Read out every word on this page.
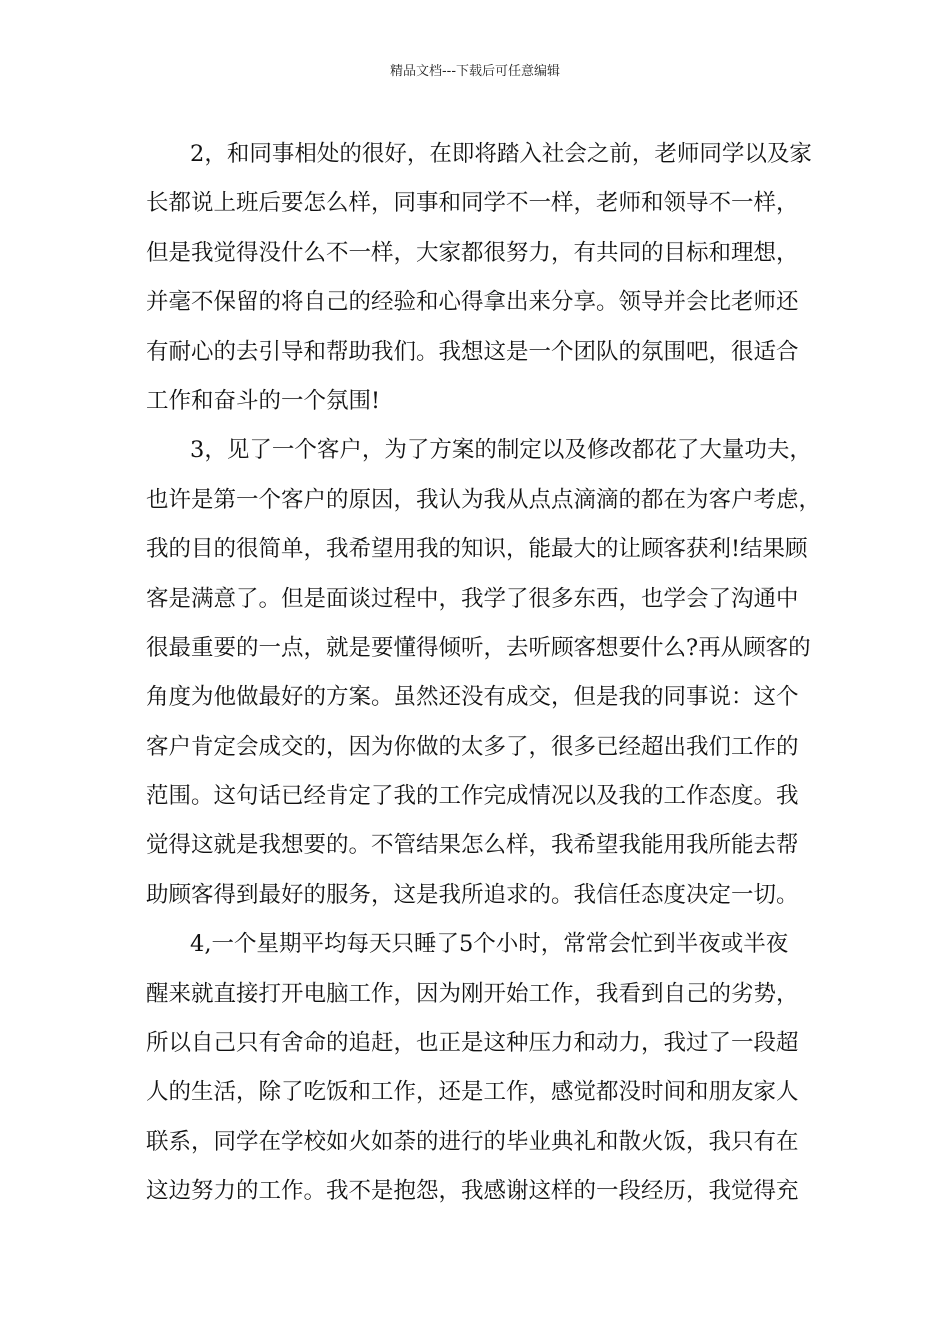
精品文档---下载后可任意编辑
2，和同事相处的很好，在即将踏入社会之前，老师同学以及家
长都说上班后要怎么样，同事和同学不一样，老师和领导不一样，
但是我觉得没什么不一样，大家都很努力，有共同的目标和理想，
并毫不保留的将自己的经验和心得拿出来分享。领导并会比老师还
有耐心的去引导和帮助我们。我想这是一个团队的氛围吧，很适合
工作和奋斗的一个氛围!
3，见了一个客户，为了方案的制定以及修改都花了大量功夫，
也许是第一个客户的原因，我认为我从点点滴滴的都在为客户考虑，
我的目的很简单，我希望用我的知识，能最大的让顾客获利!结果顾
客是满意了。但是面谈过程中，我学了很多东西，也学会了沟通中
很最重要的一点，就是要懂得倾听，去听顾客想要什么?再从顾客的
角度为他做最好的方案。虽然还没有成交，但是我的同事说：这个
客户肯定会成交的，因为你做的太多了，很多已经超出我们工作的
范围。这句话已经肯定了我的工作完成情况以及我的工作态度。我
觉得这就是我想要的。不管结果怎么样，我希望我能用我所能去帮
助顾客得到最好的服务，这是我所追求的。我信任态度决定一切。
4,一个星期平均每天只睡了5个小时，常常会忙到半夜或半夜
醒来就直接打开电脑工作，因为刚开始工作，我看到自己的劣势，
所以自己只有舍命的追赶，也正是这种压力和动力，我过了一段超
人的生活，除了吃饭和工作，还是工作，感觉都没时间和朋友家人
联系，同学在学校如火如荼的进行的毕业典礼和散火饭，我只有在
这边努力的工作。我不是抱怨，我感谢这样的一段经历，我觉得充
